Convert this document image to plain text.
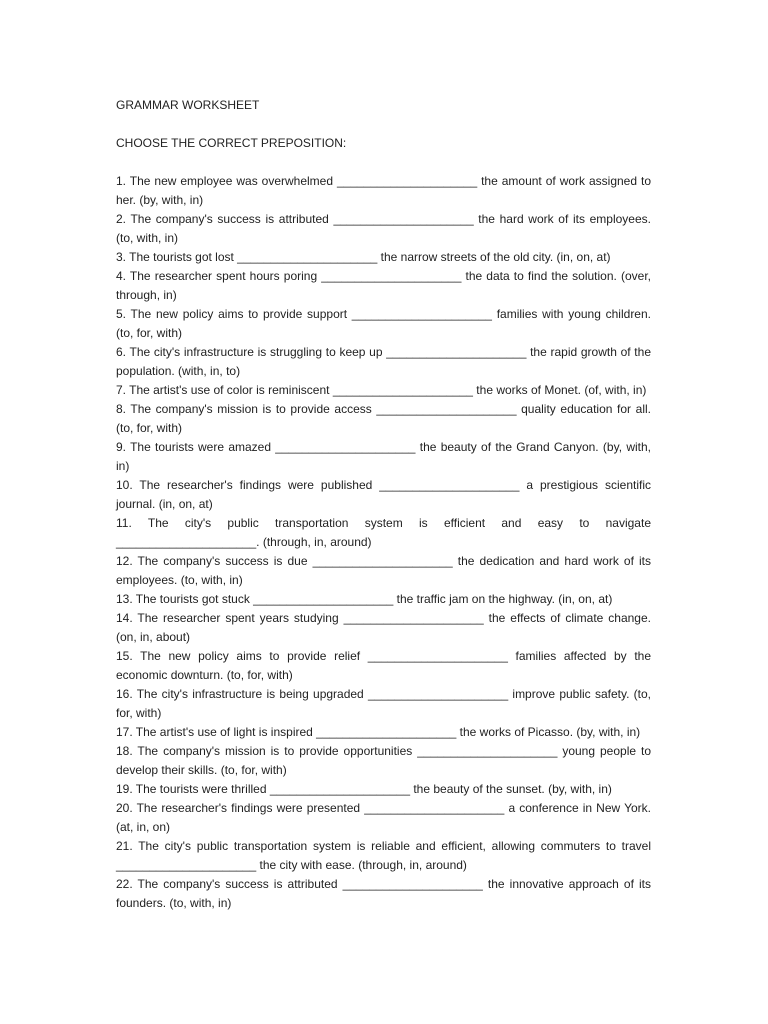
GRAMMAR WORKSHEET
CHOOSE THE CORRECT PREPOSITION:
1. The new employee was overwhelmed _____________________ the amount of work assigned to her. (by, with, in)
2. The company's success is attributed _____________________ the hard work of its employees. (to, with, in)
3. The tourists got lost _____________________ the narrow streets of the old city. (in, on, at)
4. The researcher spent hours poring _____________________ the data to find the solution. (over, through, in)
5. The new policy aims to provide support _____________________ families with young children. (to, for, with)
6. The city's infrastructure is struggling to keep up _____________________ the rapid growth of the population. (with, in, to)
7. The artist's use of color is reminiscent _____________________ the works of Monet. (of, with, in)
8. The company's mission is to provide access _____________________ quality education for all. (to, for, with)
9. The tourists were amazed _____________________ the beauty of the Grand Canyon. (by, with, in)
10. The researcher's findings were published _____________________ a prestigious scientific journal. (in, on, at)
11. The city's public transportation system is efficient and easy to navigate _____________________. (through, in, around)
12. The company's success is due _____________________ the dedication and hard work of its employees. (to, with, in)
13. The tourists got stuck _____________________ the traffic jam on the highway. (in, on, at)
14. The researcher spent years studying _____________________ the effects of climate change. (on, in, about)
15. The new policy aims to provide relief _____________________ families affected by the economic downturn. (to, for, with)
16. The city's infrastructure is being upgraded _____________________ improve public safety. (to, for, with)
17. The artist's use of light is inspired _____________________ the works of Picasso. (by, with, in)
18. The company's mission is to provide opportunities _____________________ young people to develop their skills. (to, for, with)
19. The tourists were thrilled _____________________ the beauty of the sunset. (by, with, in)
20. The researcher's findings were presented _____________________ a conference in New York. (at, in, on)
21. The city's public transportation system is reliable and efficient, allowing commuters to travel _____________________ the city with ease. (through, in, around)
22. The company's success is attributed _____________________ the innovative approach of its founders. (to, with, in)
